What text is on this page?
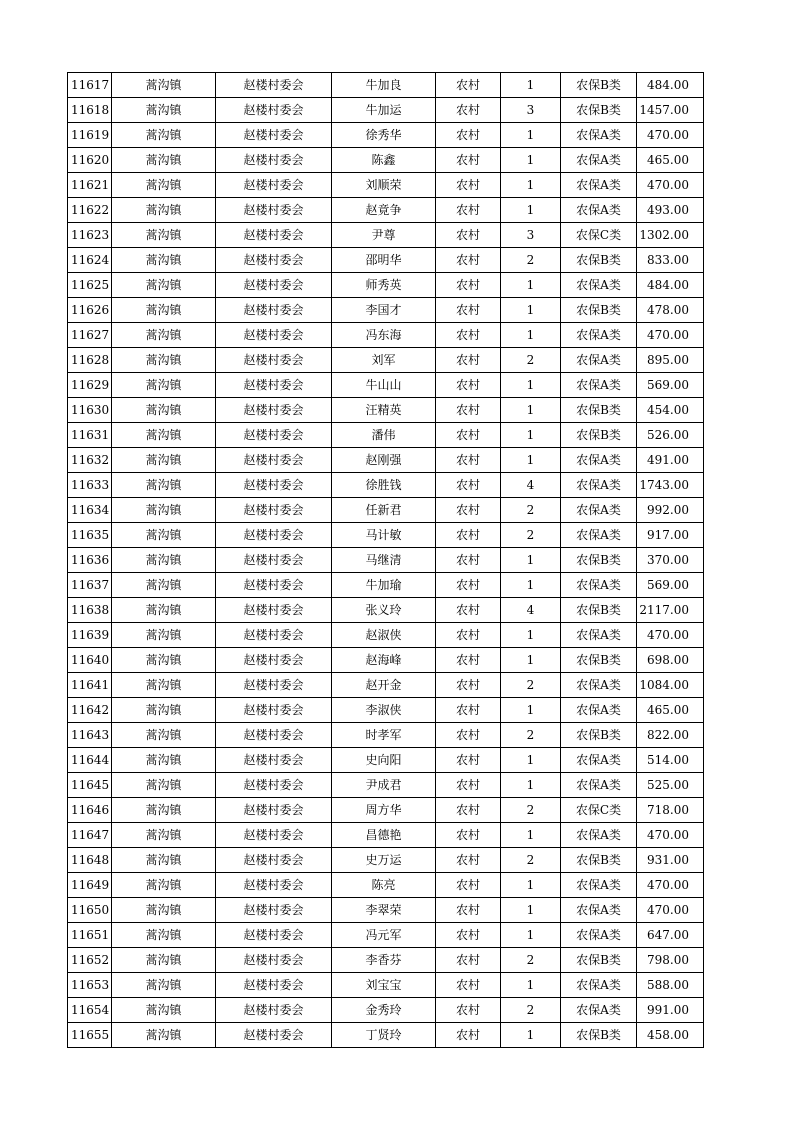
11617	蒿沟镇	赵楼村委会	牛加良	农村	1	农保B类	484.00
11618	蒿沟镇	赵楼村委会	牛加运	农村	3	农保B类	1457.00
11619	蒿沟镇	赵楼村委会	徐秀华	农村	1	农保A类	470.00
11620	蒿沟镇	赵楼村委会	陈鑫	农村	1	农保A类	465.00
11621	蒿沟镇	赵楼村委会	刘顺荣	农村	1	农保A类	470.00
11622	蒿沟镇	赵楼村委会	赵竟争	农村	1	农保A类	493.00
11623	蒿沟镇	赵楼村委会	尹尊	农村	3	农保C类	1302.00
11624	蒿沟镇	赵楼村委会	邵明华	农村	2	农保B类	833.00
11625	蒿沟镇	赵楼村委会	师秀英	农村	1	农保A类	484.00
11626	蒿沟镇	赵楼村委会	李国才	农村	1	农保B类	478.00
11627	蒿沟镇	赵楼村委会	冯东海	农村	1	农保A类	470.00
11628	蒿沟镇	赵楼村委会	刘军	农村	2	农保A类	895.00
11629	蒿沟镇	赵楼村委会	牛山山	农村	1	农保A类	569.00
11630	蒿沟镇	赵楼村委会	汪精英	农村	1	农保B类	454.00
11631	蒿沟镇	赵楼村委会	潘伟	农村	1	农保B类	526.00
11632	蒿沟镇	赵楼村委会	赵刚强	农村	1	农保A类	491.00
11633	蒿沟镇	赵楼村委会	徐胜钱	农村	4	农保A类	1743.00
11634	蒿沟镇	赵楼村委会	任新君	农村	2	农保A类	992.00
11635	蒿沟镇	赵楼村委会	马计敏	农村	2	农保A类	917.00
11636	蒿沟镇	赵楼村委会	马继清	农村	1	农保B类	370.00
11637	蒿沟镇	赵楼村委会	牛加瑜	农村	1	农保A类	569.00
11638	蒿沟镇	赵楼村委会	张义玲	农村	4	农保B类	2117.00
11639	蒿沟镇	赵楼村委会	赵淑侠	农村	1	农保A类	470.00
11640	蒿沟镇	赵楼村委会	赵海峰	农村	1	农保B类	698.00
11641	蒿沟镇	赵楼村委会	赵开金	农村	2	农保A类	1084.00
11642	蒿沟镇	赵楼村委会	李淑侠	农村	1	农保A类	465.00
11643	蒿沟镇	赵楼村委会	时孝军	农村	2	农保B类	822.00
11644	蒿沟镇	赵楼村委会	史向阳	农村	1	农保A类	514.00
11645	蒿沟镇	赵楼村委会	尹成君	农村	1	农保A类	525.00
11646	蒿沟镇	赵楼村委会	周方华	农村	2	农保C类	718.00
11647	蒿沟镇	赵楼村委会	昌德艳	农村	1	农保A类	470.00
11648	蒿沟镇	赵楼村委会	史万运	农村	2	农保B类	931.00
11649	蒿沟镇	赵楼村委会	陈亮	农村	1	农保A类	470.00
11650	蒿沟镇	赵楼村委会	李翠荣	农村	1	农保A类	470.00
11651	蒿沟镇	赵楼村委会	冯元军	农村	1	农保A类	647.00
11652	蒿沟镇	赵楼村委会	李香芬	农村	2	农保B类	798.00
11653	蒿沟镇	赵楼村委会	刘宝宝	农村	1	农保A类	588.00
11654	蒿沟镇	赵楼村委会	金秀玲	农村	2	农保A类	991.00
11655	蒿沟镇	赵楼村委会	丁贤玲	农村	1	农保B类	458.00
